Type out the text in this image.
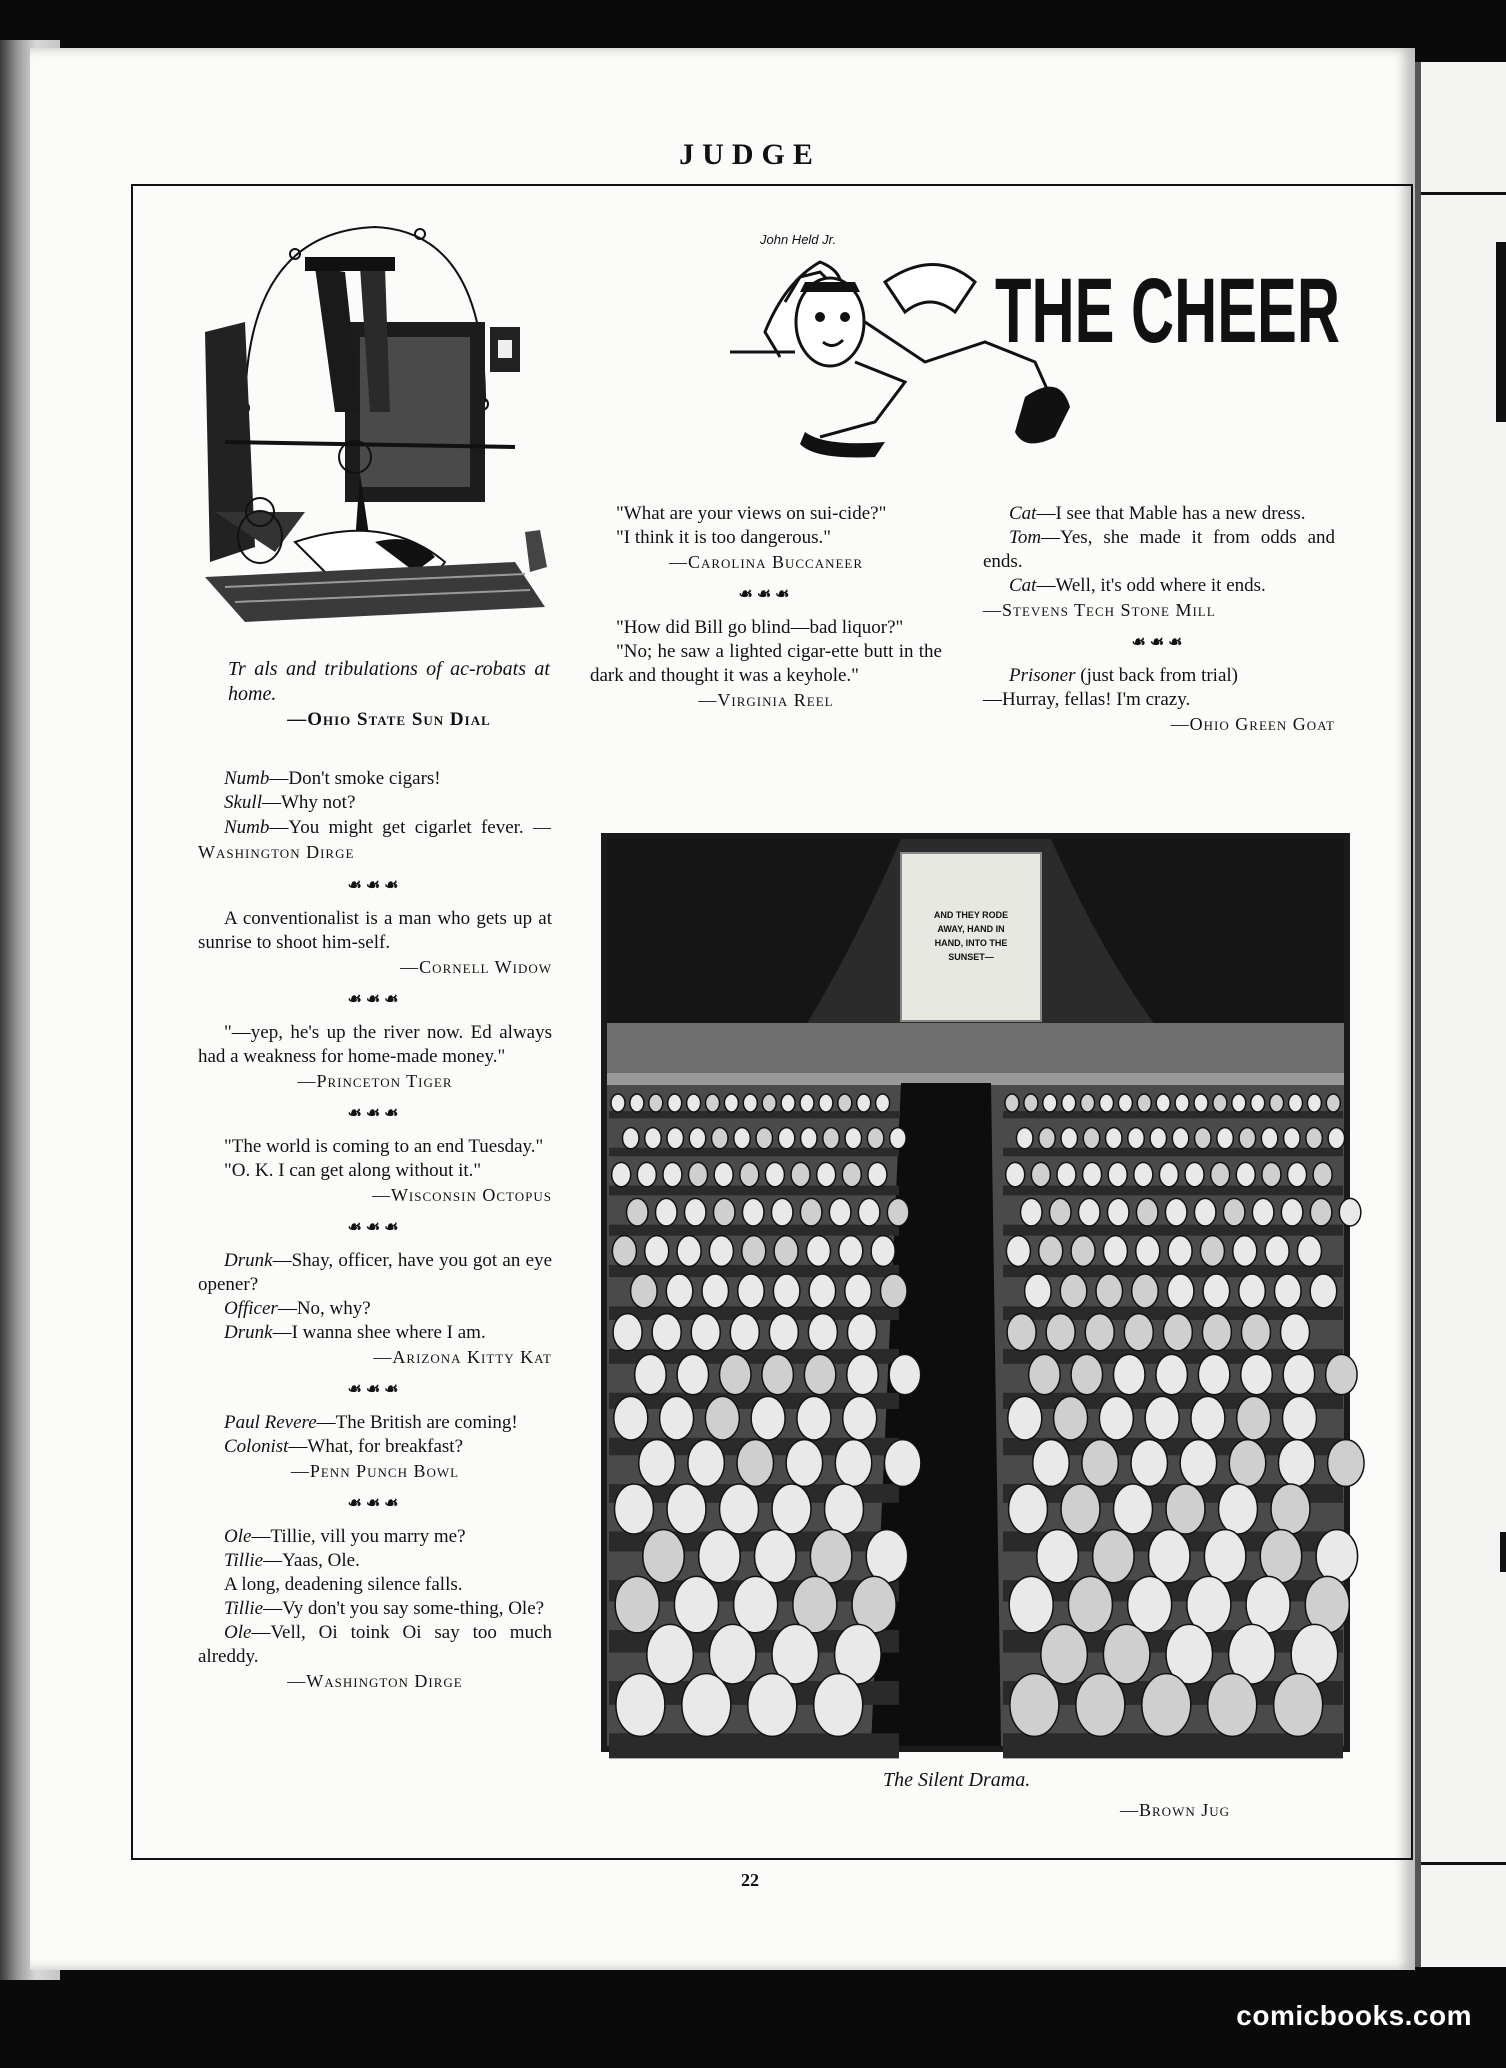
JUDGE
Tr als and tribulations of ac-robats at home.
—Ohio State Sun Dial
John Held Jr.
THE CHEER

Numb—Don't smoke cigars!

Skull—Why not?

Numb—You might get cigarlet fever. —Washington Dirge

☙☙☙

A conventionalist is a man who gets up at sunrise to shoot him-self.

—Cornell Widow

☙☙☙

"—yep, he's up the river now. Ed always had a weakness for home-made money."

—Princeton Tiger

☙☙☙

"The world is coming to an end Tuesday."

"O. K. I can get along without it."

—Wisconsin Octopus

☙☙☙

Drunk—Shay, officer, have you got an eye opener?

Officer—No, why?

Drunk—I wanna shee where I am.

—Arizona Kitty Kat

☙☙☙

Paul Revere—The British are coming!

Colonist—What, for breakfast?

—Penn Punch Bowl

☙☙☙

Ole—Tillie, vill you marry me?

Tillie—Yaas, Ole.

A long, deadening silence falls.

Tillie—Vy don't you say some-thing, Ole?

Ole—Vell, Oi toink Oi say too much alreddy.

—Washington Dirge

"What are your views on sui-cide?"

"I think it is too dangerous."

—Carolina Buccaneer

☙☙☙

"How did Bill go blind—bad liquor?"

"No; he saw a lighted cigar-ette butt in the dark and thought it was a keyhole."

—Virginia Reel

Cat—I see that Mable has a new dress.

Tom—Yes, she made it from odds and ends.

Cat—Well, it's odd where it ends.

—Stevens Tech Stone Mill

☙☙☙

Prisoner (just back from trial)

—Hurray, fellas! I'm crazy.

—Ohio Green Goat

AND THEY RODE
AWAY, HAND IN
HAND, INTO THE
SUNSET—
The Silent Drama.
—Brown Jug
22
comicbooks.com
